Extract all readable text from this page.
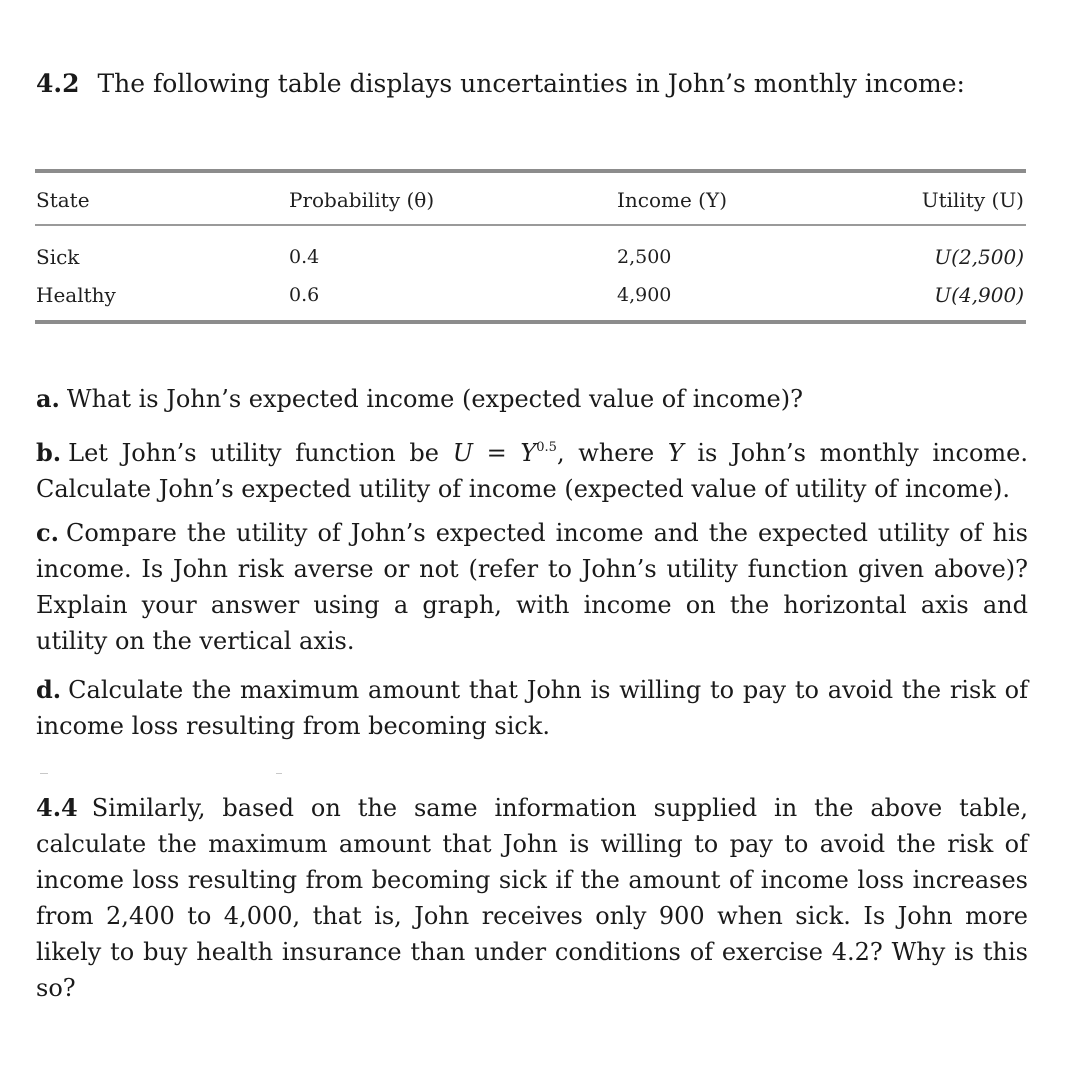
4.2 The following table displays uncertainties in John’s monthly income:
State	Probability (θ)	Income (Y)	Utility (U)
Sick	0.4	2,500	U(2,500)
Healthy	0.6	4,900	U(4,900)
a. What is John’s expected income (expected value of income)?
b. Let John’s utility function be $U = Y^{0.5}$, where Y is John’s monthly income. Calculate John’s expected utility of income (expected value of utility of income).
c. Compare the utility of John’s expected income and the expected utility of his income. Is John risk averse or not (refer to John’s utility function given above)? Explain your answer using a graph, with income on the horizontal axis and utility on the vertical axis.
d. Calculate the maximum amount that John is willing to pay to avoid the risk of income loss resulting from becoming sick.
4.4 Similarly, based on the same information supplied in the above table, calculate the maximum amount that John is willing to pay to avoid the risk of income loss resulting from becoming sick if the amount of income loss increases from 2,400 to 4,000, that is, John receives only 900 when sick. Is John more likely to buy health insurance than under conditions of exercise 4.2? Why is this so?
